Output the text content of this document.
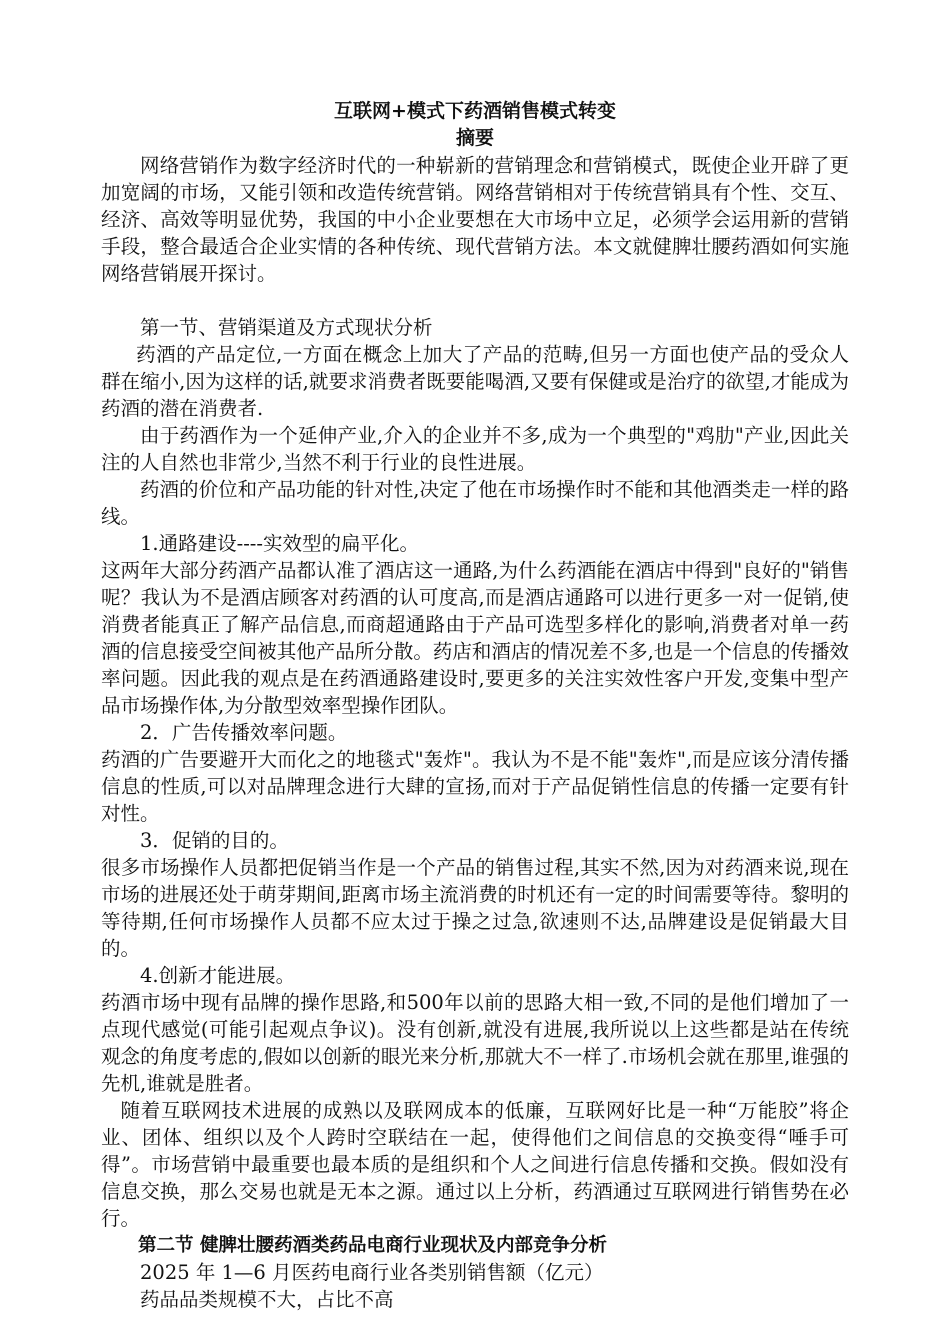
互联网+模式下药酒销售模式转变

摘要

网络营销作为数字经济时代的一种崭新的营销理念和营销模式，既使企业开辟了更加宽阔的市场，又能引领和改造传统营销。网络营销相对于传统营销具有个性、交互、经济、高效等明显优势，我国的中小企业要想在大市场中立足，必须学会运用新的营销手段，整合最适合企业实情的各种传统、现代营销方法。本文就健脾壮腰药酒如何实施网络营销展开探讨。

第一节、营销渠道及方式现状分析

药酒的产品定位,一方面在概念上加大了产品的范畴,但另一方面也使产品的受众人群在缩小,因为这样的话,就要求消费者既要能喝酒,又要有保健或是治疗的欲望,才能成为药酒的潜在消费者.

由于药酒作为一个延伸产业,介入的企业并不多,成为一个典型的"鸡肋"产业,因此关注的人自然也非常少,当然不利于行业的良性进展。

药酒的价位和产品功能的针对性,决定了他在市场操作时不能和其他酒类走一样的路线。

1.通路建设----实效型的扁平化。

这两年大部分药酒产品都认准了酒店这一通路,为什么药酒能在酒店中得到"良好的"销售呢？我认为不是酒店顾客对药酒的认可度高,而是酒店通路可以进行更多一对一促销,使消费者能真正了解产品信息,而商超通路由于产品可选型多样化的影响,消费者对单一药酒的信息接受空间被其他产品所分散。药店和酒店的情况差不多,也是一个信息的传播效率问题。因此我的观点是在药酒通路建设时,要更多的关注实效性客户开发,变集中型产品市场操作体,为分散型效率型操作团队。

2．广告传播效率问题。

药酒的广告要避开大而化之的地毯式"轰炸"。我认为不是不能"轰炸",而是应该分清传播信息的性质,可以对品牌理念进行大肆的宣扬,而对于产品促销性信息的传播一定要有针对性。

3．促销的目的。

很多市场操作人员都把促销当作是一个产品的销售过程,其实不然,因为对药酒来说,现在市场的进展还处于萌芽期间,距离市场主流消费的时机还有一定的时间需要等待。黎明的等待期,任何市场操作人员都不应太过于操之过急,欲速则不达,品牌建设是促销最大目的。

4.创新才能进展。

药酒市场中现有品牌的操作思路,和500年以前的思路大相一致,不同的是他们增加了一点现代感觉(可能引起观点争议)。没有创新,就没有进展,我所说以上这些都是站在传统观念的角度考虑的,假如以创新的眼光来分析,那就大不一样了.市场机会就在那里,谁强的先机,谁就是胜者。

随着互联网技术进展的成熟以及联网成本的低廉，互联网好比是一种“万能胶”将企业、团体、组织以及个人跨时空联结在一起，使得他们之间信息的交换变得“唾手可得”。市场营销中最重要也最本质的是组织和个人之间进行信息传播和交换。假如没有信息交换，那么交易也就是无本之源。通过以上分析，药酒通过互联网进行销售势在必行。

第二节 健脾壮腰药酒类药品电商行业现状及内部竞争分析

2025 年 1—6 月医药电商行业各类别销售额（亿元）

药品品类规模不大，占比不高
